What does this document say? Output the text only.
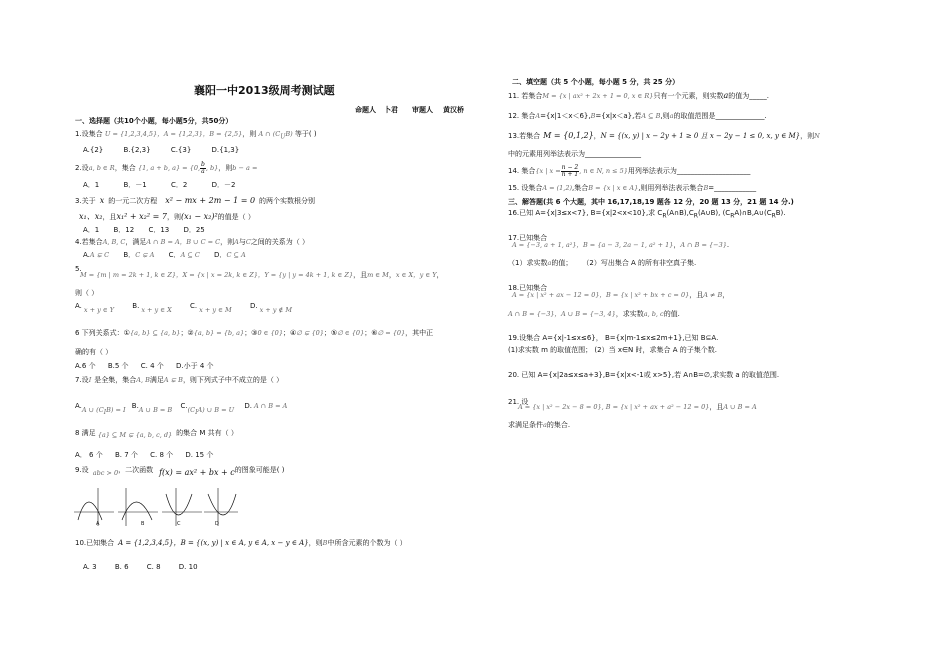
襄阳一中2013级周考测试题
命题人 卜君 审题人 黄汉桥
一、选择题（共10个小题，每小题5分，共50分）
1.设集合 U = {1,2,3,4,5}，A = {1,2,3}，B = {2,5}，则 A ∩ $(C_UB)$ 等于( )
A.{2}	B.{2,3}	C.{3}	D.{1,3}
2.设a, b ∈ R，集合 {1, a + b, a} = {0, $\frac{b}{a}$ , b}，则b − a =
A．1	B．－1	C．2	D．－2
3.关于 x 的一元二次方程 x² − mx + 2m − 1 = 0 的两个实数根分别
x₁、x₂，且x₁² + x₂² = 7，则(x₁ − x₂)²的值是（ ）
A．1 B．12 C．13 D．25
4.若集合A, B, C，满足A ∩ B = A，B ∪ C = C，则A与C之间的关系为（ ）
A.A ⊊ C B．C ⊊ A C．A ⊆ C D．C ⊆ A
5.
M = {m | m = 2k + 1, k ∈ Z}，X = {x | x = 2k, k ∈ Z}，Y = {y | y = 4k + 1, k ∈ Z}，且m ∈ M，x ∈ X，y ∈ Y，
则（ ）
A. x + y ∈ Y	B. x + y ∈ X	C. x + y ∈ M	D. x + y ∉ M
6 下列关系式：①{a, b} ⊆ {a, b}；②{a, b} = {b, a}；③0 ∈ {0}；④∅ ⊊ {0}；⑤∅ ∈ {0}；⑥∅ = {0}，其中正
确的有（ ）
A.6 个 B.5 个 C. 4 个 D.小于 4 个
7.设I 是全集，集合A, B满足A ⊊ B，则下列式子中不成立的是（ ）
A.A ∪ $(C_IB) = I$ B.A ∪ B = B $C.(C_IA)$ ∪ B = U D. A ∩ B = A
8 满足 {a} ⊆ M ⊊ {a, b, c, d} 的集合 M 共有（ ）
A． 6 个 B. 7 个 C. 8 个 D. 15 个
9.设 abc > 0，二次函数 f(x) = ax² + bx + c的图象可能是( )
A	B	C	D
10.已知集合 A = {1,2,3,4,5}，B = {(x, y) | x ∈ A, y ∈ A, x − y ∈ A}，则B中所含元素的个数为（ ）
A. 3	B. 6	C. 8	D. 10
二、填空题（共 5 个小题，每小题 5 分，共 25 分）
11. 若集合M = {x | ax² + 2x + 1 = 0, x ∈ R}只有一个元素，则实数a的值为_____.
12. 集合A={x|1＜x＜6},B={x|x＜a},若A ⊆ B,则a的取值范围是______________.
13.若集合 M = {0,1,2}，N = {(x, y) | x − 2y + 1 ≥ 0 且 x − 2y − 1 ≤ 0, x, y ∈ M}，则N
中的元素用列举法表示为________________
14. 集合{x | $x = \frac{n - 2}{n + 1}$ , n ∈ N, n ≤ 5}用列举法表示为_____________________
15. 设集合A = (1,2),集合B = {x | x ∈ A},则用列举法表示集合B=____________
三、解答题(共 6 个大题，其中 16,17,18,19 题各 12 分，20 题 13 分，21 题 14 分.)
16.已知 A={x|3≤x<7}, B={x|2<x<10},求 $C_R(A\cap B),C_R(A\cup B)$, $(C_RA)\cap B,A\cup(C_RB)$.
17.已知集合
A = {−3, a + 1, a²}，B = {a − 3, 2a − 1, a² + 1}，A ∩ B = {−3}.
（1）求实数a的值； （2）写出集合 A 的所有非空真子集.
18.已知集合
A = {x | x² + ax − 12 = 0}，B = {x | x² + bx + c = 0}，且A ≠ B，
A ∩ B = {−3}，A ∪ B = {−3, 4}，求实数a, b, c的值.
19.设集合 A={x|-1≤x≤6}， B={x|m-1≤x≤2m+1},已知 B⊆A.
(1)求实数 m 的取值范围； (2）当 x∈N 时，求集合 A 的子集个数.
20. 已知 A={x|2a≤x≤a+3},B={x|x<-1或 x>5},若 A∩B=∅,求实数 a 的取值范围.
21. 设
A = {x | x² − 2x − 8 = 0}, B = {x | x² + ax + a² − 12 = 0}，且A ∪ B = A
求满足条件a的集合.
